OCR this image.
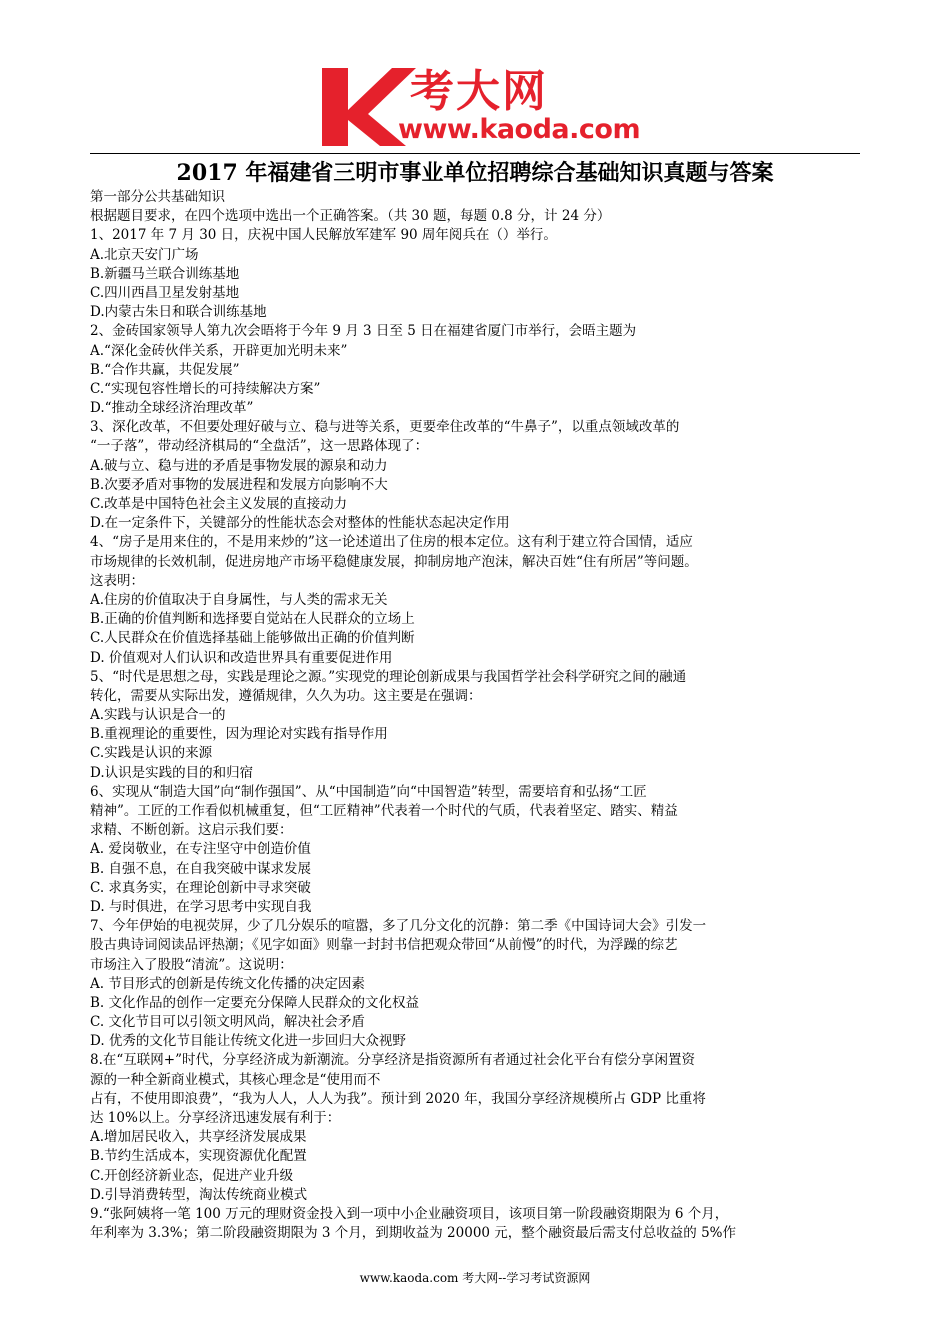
考大网
www.kaoda.com
2017 年福建省三明市事业单位招聘综合基础知识真题与答案
第一部分公共基础知识
根据题目要求，在四个选项中选出一个正确答案。（共 30 题，每题 0.8 分，计 24 分）
1、2017 年 7 月 30 日，庆祝中国人民解放军建军 90 周年阅兵在（）举行。
A.北京天安门广场
B.新疆马兰联合训练基地
C.四川西昌卫星发射基地
D.内蒙古朱日和联合训练基地
2、金砖国家领导人第九次会晤将于今年 9 月 3 日至 5 日在福建省厦门市举行，会晤主题为
A.“深化金砖伙伴关系，开辟更加光明未来”
B.“合作共赢，共促发展”
C.“实现包容性增长的可持续解决方案”
D.“推动全球经济治理改革”
3、深化改革，不但要处理好破与立、稳与进等关系，更要牵住改革的“牛鼻子”，以重点领域改革的
“一子落”，带动经济棋局的“全盘活”，这一思路体现了：
A.破与立、稳与进的矛盾是事物发展的源泉和动力
B.次要矛盾对事物的发展进程和发展方向影响不大
C.改革是中国特色社会主义发展的直接动力
D.在一定条件下，关键部分的性能状态会对整体的性能状态起决定作用
4、“房子是用来住的，不是用来炒的”这一论述道出了住房的根本定位。这有利于建立符合国情，适应
市场规律的长效机制，促进房地产市场平稳健康发展，抑制房地产泡沫，解决百姓“住有所居”等问题。
这表明：
A.住房的价值取决于自身属性，与人类的需求无关
B.正确的价值判断和选择要自觉站在人民群众的立场上
C.人民群众在价值选择基础上能够做出正确的价值判断
D. 价值观对人们认识和改造世界具有重要促进作用
5、“时代是思想之母，实践是理论之源。”实现党的理论创新成果与我国哲学社会科学研究之间的融通
转化，需要从实际出发，遵循规律，久久为功。这主要是在强调：
A.实践与认识是合一的
B.重视理论的重要性，因为理论对实践有指导作用
C.实践是认识的来源
D.认识是实践的目的和归宿
6、实现从“制造大国”向“制作强国”、从“中国制造”向“中国智造”转型，需要培育和弘扬“工匠
精神”。工匠的工作看似机械重复，但“工匠精神”代表着一个时代的气质，代表着坚定、踏实、精益
求精、不断创新。这启示我们要：
A. 爱岗敬业，在专注坚守中创造价值
B. 自强不息，在自我突破中谋求发展
C. 求真务实，在理论创新中寻求突破
D. 与时俱进，在学习思考中实现自我
7、今年伊始的电视荧屏，少了几分娱乐的喧嚣，多了几分文化的沉静：第二季《中国诗词大会》引发一
股古典诗词阅读品评热潮；《见字如面》则靠一封封书信把观众带回“从前慢”的时代，为浮躁的综艺
市场注入了股股“清流”。这说明：
A. 节目形式的创新是传统文化传播的决定因素
B. 文化作品的创作一定要充分保障人民群众的文化权益
C. 文化节目可以引领文明风尚，解决社会矛盾
D. 优秀的文化节目能让传统文化进一步回归大众视野
8.在“互联网+”时代，分享经济成为新潮流。分享经济是指资源所有者通过社会化平台有偿分享闲置资
源的一种全新商业模式，其核心理念是“使用而不
占有，不使用即浪费”，“我为人人，人人为我”。预计到 2020 年，我国分享经济规模所占 GDP 比重将
达 10%以上。分享经济迅速发展有利于：
A.增加居民收入，共享经济发展成果
B.节约生活成本，实现资源优化配置
C.开创经济新业态，促进产业升级
D.引导消费转型，淘汰传统商业模式
9.“张阿姨将一笔 100 万元的理财资金投入到一项中小企业融资项目，该项目第一阶段融资期限为 6 个月，
年利率为 3.3%；第二阶段融资期限为 3 个月，到期收益为 20000 元，整个融资最后需支付总收益的 5%作
www.kaoda.com 考大网--学习考试资源网
